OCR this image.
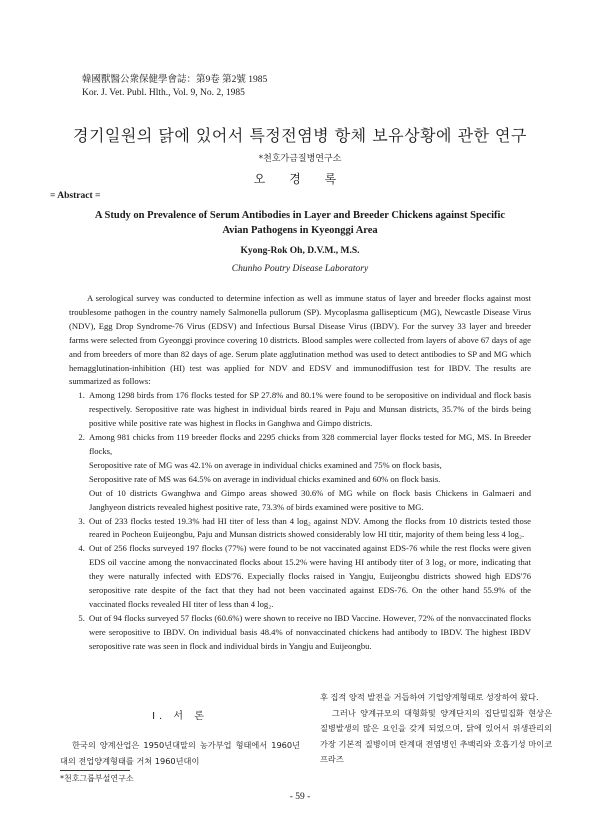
韓國獸醫公衆保健學會誌：第9卷 第2號 1985
Kor. J. Vet. Publ. Hlth., Vol. 9, No. 2, 1985
경기일원의 닭에 있어서 특정전염병 항체 보유상황에 관한 연구
*천호가금질병연구소
오 경 록
= Abstract =
A Study on Prevalence of Serum Antibodies in Layer and Breeder Chickens against Specific
Avian Pathogens in Kyeonggi Area
Kyong-Rok Oh, D.V.M., M.S.
Chunho Poutry Disease Laboratory

A serological survey was conducted to determine infection as well as immune status of layer and breeder flocks against most troublesome pathogen in the country namely Salmonella pullorum (SP). Mycoplasma gallisepticum (MG), Newcastle Disease Virus (NDV), Egg Drop Syndrome-76 Virus (EDSV) and Infectious Bursal Disease Virus (IBDV). For the survey 33 layer and breeder farms were selected from Gyeonggi province covering 10 districts. Blood samples were collected from layers of above 67 days of age and from breeders of more than 82 days of age. Serum plate agglutination method was used to detect antibodies to SP and MG which hemagglutination-inhibition (HI) test was applied for NDV and EDSV and immunodiffusion test for IBDV. The results are summarized as follows:

1. Among 1298 birds from 176 flocks tested for SP 27.8% and 80.1% were found to be seropositive on individual and flock basis respectively. Seropositive rate was highest in individual birds reared in Paju and Munsan districts, 35.7% of the birds being positive while positive rate was highest in flocks in Ganghwa and Gimpo districts.
2. Among 981 chicks from 119 breeder flocks and 2295 chicks from 328 commercial layer flocks tested for MG, MS. In Breeder flocks,
Seropositive rate of MG was 42.1% on average in individual chicks examined and 75% on flock basis,
Seropositive rate of MS was 64.5% on average in individual chicks examined and 60% on flock basis.
Out of 10 districts Gwanghwa and Gimpo areas showed 30.6% of MG while on flock basis Chickens in Galmaeri and Janghyeon districts revealed highest positive rate, 73.3% of birds examined were positive to MG.
3. Out of 233 flocks tested 19.3% had HI titer of less than 4 log₂ against NDV. Among the flocks from 10 districts tested those reared in Pocheon Euijeongbu, Paju and Munsan districts showed considerably low HI titir, majority of them being less 4 log₂.
4. Out of 256 flocks surveyed 197 flocks (77%) were found to be not vaccinated against EDS-76 while the rest flocks were given EDS oil vaccine among the nonvaccinated flocks about 15.2% were having HI antibody titer of 3 log₂ or more, indicating that they were naturally infected with EDS'76. Expecially flocks raised in Yangju, Euijeongbu districts showed high EDS'76 seropositive rate despite of the fact that they had not been vaccinated against EDS-76. On the other hand 55.9% of the vaccinated flocks revealed HI titer of less than 4 log₂.
5. Out of 94 flocks surveyed 57 flocks (60.6%) were shown to receive no IBD Vaccine. However, 72% of the nonvaccinated flocks were seropositive to IBDV. On individual basis 48.4% of nonvaccinated chickens had antibody to IBDV. The highest IBDV seropositive rate was seen in flock and individual birds in Yangju and Euijeongbu.
I. 서 론

한국의 양계산업은 1950년대말의 농가부업 형태에서 1960년대의 전업양계형태를 거쳐 1960년대이

*천호그룹부설연구소

후 집적 양적 발전을 거듭하여 기업양계형태로 성장하여 왔다.

그러나 양계규모의 대형화및 양계단지의 집단밀집화 현상은 질병발생의 많은 요인을 갖게 되었으며, 닭에 있어서 위생관리의 가장 기본적 질병이며 란계대 전염병인 추백리와 호흡기성 마이코프라즈

- 59 -
